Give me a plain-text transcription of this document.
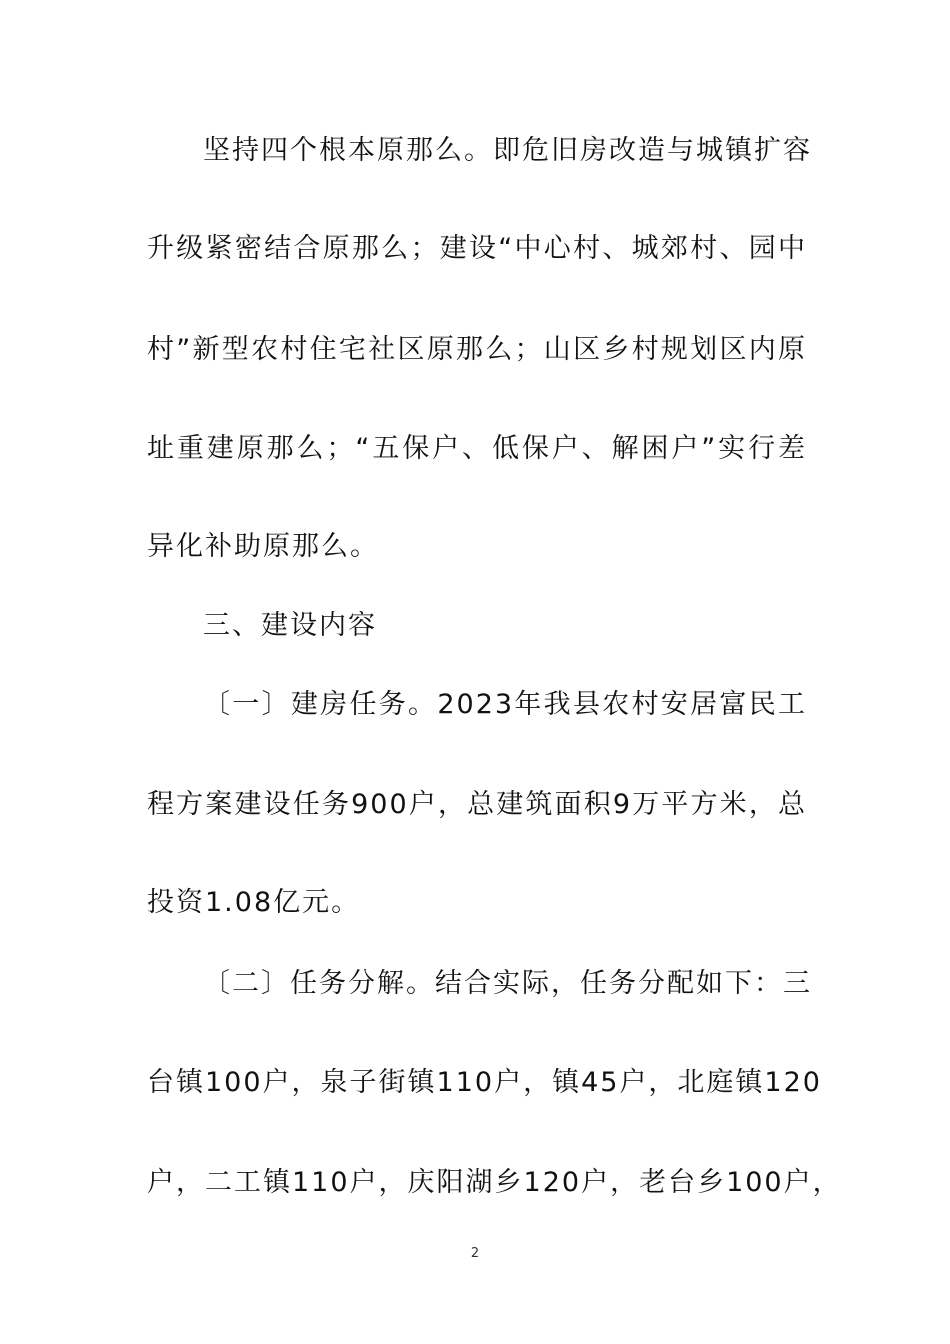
坚持四个根本原那么。即危旧房改造与城镇扩容
升级紧密结合原那么；建设“中心村、城郊村、园中
村”新型农村住宅社区原那么；山区乡村规划区内原
址重建原那么；“五保户、低保户、解困户”实行差
异化补助原那么。
三、建设内容
〔一〕建房任务。2023年我县农村安居富民工
程方案建设任务900户，总建筑面积9万平方米，总
投资1.08亿元。
〔二〕任务分解。结合实际，任务分配如下：三
台镇100户，泉子街镇110户，镇45户，北庭镇120
户，二工镇110户，庆阳湖乡120户，老台乡100户，
2
